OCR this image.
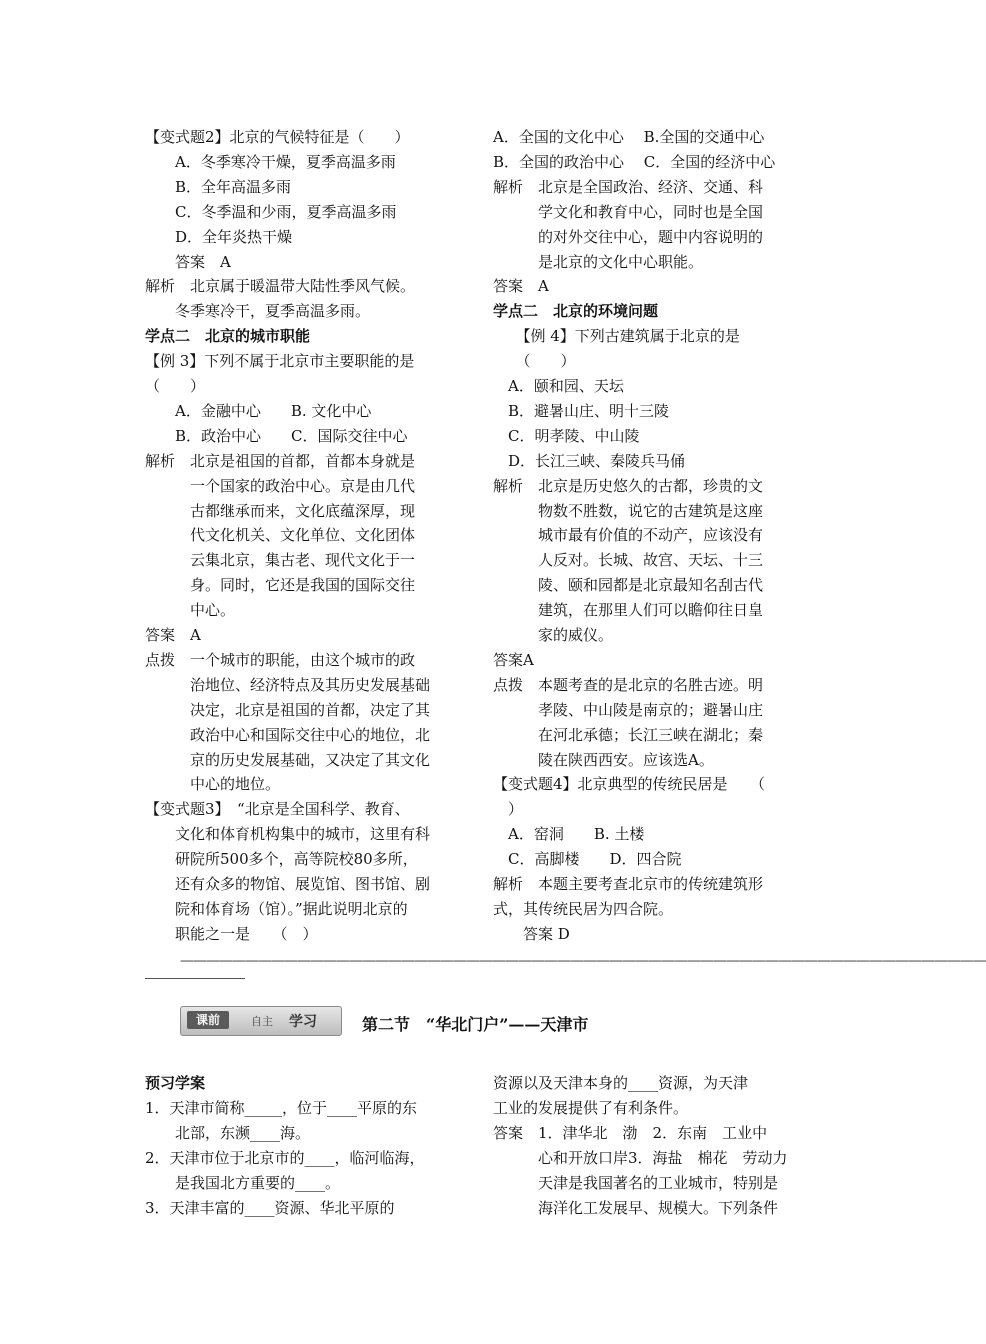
【变式题2】北京的气候特征是（　　）
　　A．冬季寒冷干燥，夏季高温多雨
　　B．全年高温多雨
　　C．冬季温和少雨，夏季高温多雨
　　D．全年炎热干燥
　　答案　A
解析　北京属于暖温带大陆性季风气候。
　　冬季寒冷干，夏季高温多雨。
学点二　北京的城市职能
【例 3】下列不属于北京市主要职能的是
（　　）
　　A．金融中心　　B. 文化中心
　　B．政治中心　　C．国际交往中心
解析　北京是祖国的首都，首都本身就是
　　　一个国家的政治中心。京是由几代
　　　古都继承而来，文化底蕴深厚，现
　　　代文化机关、文化单位、文化团体
　　　云集北京，集古老、现代文化于一
　　　身。同时，它还是我国的国际交往
　　　中心。
答案　A
点拨　一个城市的职能，由这个城市的政
　　　治地位、经济特点及其历史发展基础
　　　决定，北京是祖国的首都，决定了其
　　　政治中心和国际交往中心的地位，北
　　　京的历史发展基础，又决定了其文化
　　　中心的地位。
【变式题3】　“北京是全国科学、教育、
　　文化和体育机构集中的城市，这里有科
　　研院所500多个，高等院校80多所，
　　还有众多的物馆、展览馆、图书馆、剧
　　院和体育场（馆）。”据此说明北京的
　　职能之一是　　（　）
A．全国的文化中心　 B.全国的交通中心
B．全国的政治中心　 C．全国的经济中心
解析　北京是全国政治、经济、交通、科
　　　学文化和教育中心，同时也是全国
　　　的对外交往中心，题中内容说明的
　　　是北京的文化中心职能。
答案　A
学点二　北京的环境问题
　　【例 4】下列古建筑属于北京的是
　　（　　）
　A．颐和园、天坛
　B．避暑山庄、明十三陵
　C．明孝陵、中山陵
　D．长江三峡、秦陵兵马俑
解析　北京是历史悠久的古都，珍贵的文
　　　物数不胜数，说它的古建筑是这座
　　　城市最有价值的不动产，应该没有
　　　人反对。长城、故宫、天坛、十三
　　　陵、颐和园都是北京最知名刮古代
　　　建筑，在那里人们可以瞻仰往日皇
　　　家的威仪。
答案A
点拨　本题考查的是北京的名胜古迹。明
　　　孝陵、中山陵是南京的；避暑山庄
　　　在河北承德；长江三峡在湖北；秦
　　　陵在陕西西安。应该选A。
【变式题4】北京典型的传统民居是　　（
　）
　A．窑洞　　B. 土楼
　C．高脚楼　　D．四合院
解析　本题主要考查北京市的传统建筑形
式，其传统民居为四合院。
　　答案 D
——————————————————————————————————————————————————————————————
课前	自主 学习	第二节　“华北门户”——天津市
预习学案
1．天津市简称_____，位于____平原的东
　　北部，东濒____海。
2．天津市位于北京市的____，临河临海，
　　是我国北方重要的____。
3．天津丰富的____资源、华北平原的
资源以及天津本身的____资源，为天津
工业的发展提供了有利条件。
答案　1．津华北　渤　2．东南　工业中
　　　心和开放口岸3．海盐　棉花　劳动力
　　　天津是我国著名的工业城市，特别是
　　　海洋化工发展早、规模大。下列条件
